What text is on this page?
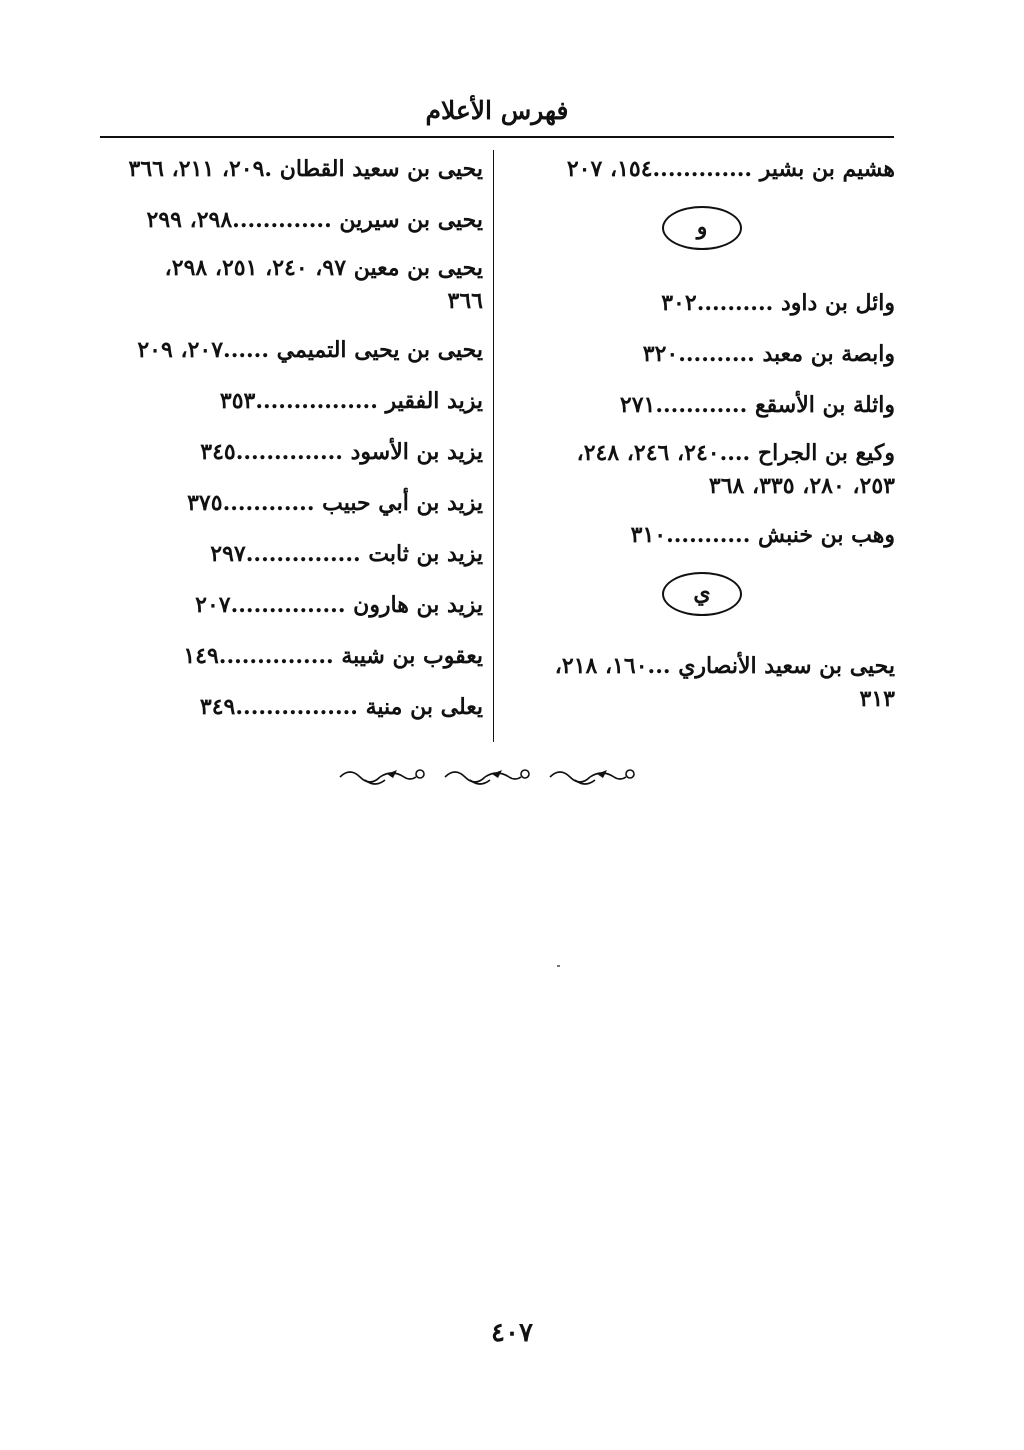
فهرس الأعلام
هشيم بن بشير .............١٥٤، ٢٠٧
و
وائل بن داود ..........٣٠٢
وابصة بن معبد ..........٣٢٠
واثلة بن الأسقع ............٢٧١
وكيع بن الجراح ....٢٤٠، ٢٤٦، ٢٤٨،
٢٥٣، ٢٨٠، ٣٣٥، ٣٦٨
وهب بن خنبش ...........٣١٠
ي
يحيى بن سعيد الأنصاري ...١٦٠، ٢١٨،
٣١٣
يحيى بن سعيد القطان .٢٠٩، ٢١١، ٣٦٦
يحيى بن سيرين .............٢٩٨، ٢٩٩
يحيى بن معين ٩٧، ٢٤٠، ٢٥١، ٢٩٨،
٣٦٦
يحيى بن يحيى التميمي ......٢٠٧، ٢٠٩
يزيد الفقير ................٣٥٣
يزيد بن الأسود ..............٣٤٥
يزيد بن أبي حبيب ............٣٧٥
يزيد بن ثابت ...............٢٩٧
يزيد بن هارون ...............٢٠٧
يعقوب بن شيبة ...............١٤٩
يعلى بن منية ................٣٤٩
٤٠٧
